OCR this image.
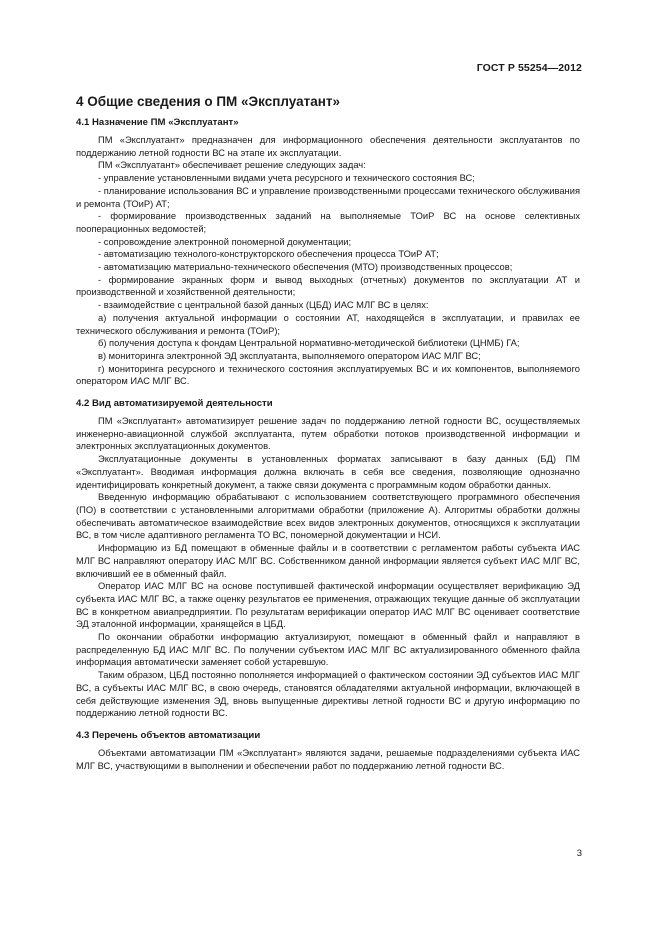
ГОСТ Р 55254—2012
4 Общие сведения о ПМ «Эксплуатант»
4.1 Назначение ПМ «Эксплуатант»

ПМ «Эксплуатант» предназначен для информационного обеспечения деятельности эксплуатантов по поддержанию летной годности ВС на этапе их эксплуатации.

ПМ «Эксплуатант» обеспечивает решение следующих задач:

- управление установленными видами учета ресурсного и технического состояния ВС;

- планирование использования ВС и управление производственными процессами технического обслуживания и ремонта (ТОиР) АТ;

- формирование производственных заданий на выполняемые ТОиР ВС на основе селективных пооперационных ведомостей;

- сопровождение электронной пономерной документации;

- автоматизацию технолого-конструкторского обеспечения процесса ТОиР АТ;

- автоматизацию материально-технического обеспечения (МТО) производственных процессов;

- формирование экранных форм и вывод выходных (отчетных) документов по эксплуатации АТ и производственной и хозяйственной деятельности;

- взаимодействие с центральной базой данных (ЦБД) ИАС МЛГ ВС в целях:

а) получения актуальной информации о состоянии АТ, находящейся в эксплуатации, и правилах ее технического обслуживания и ремонта (ТОиР);

б) получения доступа к фондам Центральной нормативно-методической библиотеки (ЦНМБ) ГА;

в) мониторинга электронной ЭД эксплуатанта, выполняемого оператором ИАС МЛГ ВС;

г) мониторинга ресурсного и технического состояния эксплуатируемых ВС и их компонентов, выполняемого оператором ИАС МЛГ ВС.

4.2 Вид автоматизируемой деятельности

ПМ «Эксплуатант» автоматизирует решение задач по поддержанию летной годности ВС, осуществляемых инженерно-авиационной службой эксплуатанта, путем обработки потоков производственной информации и электронных эксплуатационных документов.

Эксплуатационные документы в установленных форматах записывают в базу данных (БД) ПМ «Эксплуатант». Вводимая информация должна включать в себя все сведения, позволяющие однозначно идентифицировать конкретный документ, а также связи документа с программным кодом обработки данных.

Введенную информацию обрабатывают с использованием соответствующего программного обеспечения (ПО) в соответствии с установленными алгоритмами обработки (приложение А). Алгоритмы обработки должны обеспечивать автоматическое взаимодействие всех видов электронных документов, относящихся к эксплуатации ВС, в том числе адаптивного регламента ТО ВС, пономерной документации и НСИ.

Информацию из БД помещают в обменные файлы и в соответствии с регламентом работы субъекта ИАС МЛГ ВС направляют оператору ИАС МЛГ ВС. Собственником данной информации является субъект ИАС МЛГ ВС, включивший ее в обменный файл.

Оператор ИАС МЛГ ВС на основе поступившей фактической информации осуществляет верификацию ЭД субъекта ИАС МЛГ ВС, а также оценку результатов ее применения, отражающих текущие данные об эксплуатации ВС в конкретном авиапредприятии. По результатам верификации оператор ИАС МЛГ ВС оценивает соответствие ЭД эталонной информации, хранящейся в ЦБД.

По окончании обработки информацию актуализируют, помещают в обменный файл и направляют в распределенную БД ИАС МЛГ ВС. По получении субъектом ИАС МЛГ ВС актуализированного обменного файла информация автоматически заменяет собой устаревшую.

Таким образом, ЦБД постоянно пополняется информацией о фактическом состоянии ЭД субъектов ИАС МЛГ ВС, а субъекты ИАС МЛГ ВС, в свою очередь, становятся обладателями актуальной информации, включающей в себя действующие изменения ЭД, вновь выпущенные директивы летной годности ВС и другую информацию по поддержанию летной годности ВС.

4.3 Перечень объектов автоматизации

Объектами автоматизации ПМ «Эксплуатант» являются задачи, решаемые подразделениями субъекта ИАС МЛГ ВС, участвующими в выполнении и обеспечении работ по поддержанию летной годности ВС.

3
